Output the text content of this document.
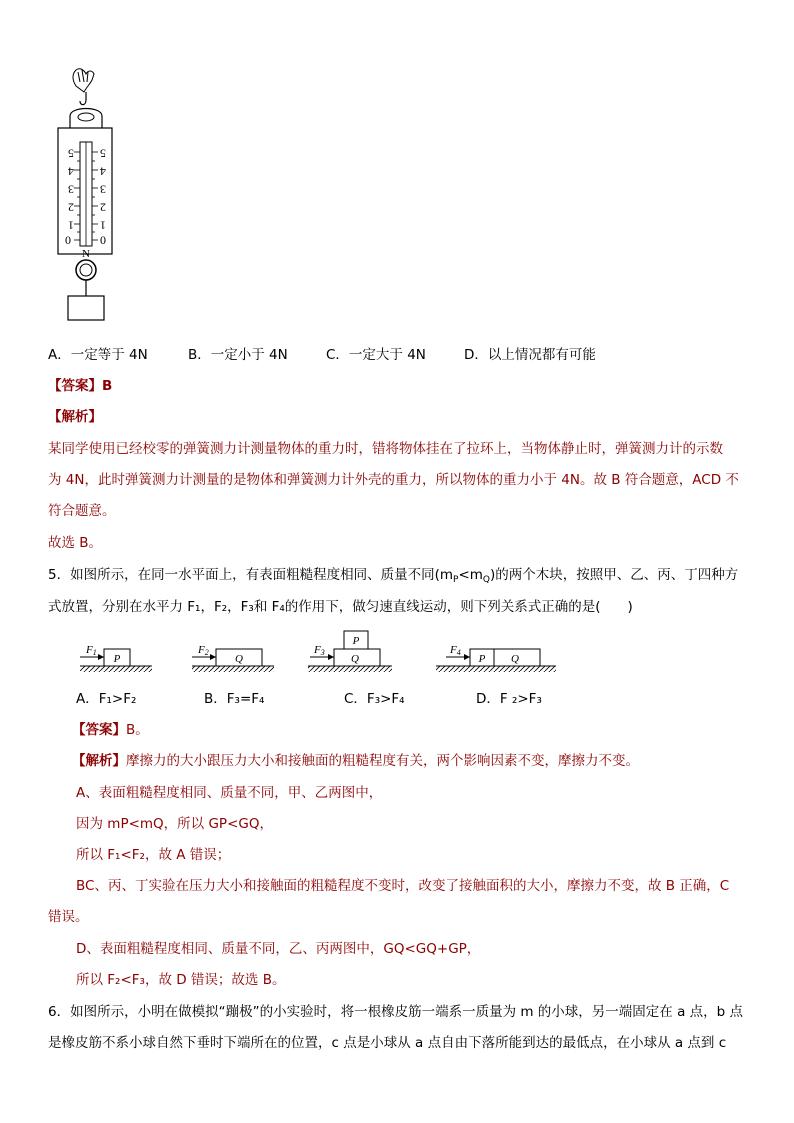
5
4
3
2
1
0
5
4
3
2
1
0
N
A．一定等于 4N	B．一定小于 4N	C．一定大于 4N	D．以上情况都有可能
【答案】B
【解析】
某同学使用已经校零的弹簧测力计测量物体的重力时，错将物体挂在了拉环上，当物体静止时，弹簧测力计的示数
为 4N，此时弹簧测力计测量的是物体和弹簧测力计外壳的重力，所以物体的重力小于 4N。故 B 符合题意，ACD 不
符合题意。
故选 B。
5．如图所示，在同一水平面上，有表面粗糙程度相同、质量不同$(m_P<m_Q)$的两个木块，按照甲、乙、丙、丁四种方
式放置，分别在水平力 F₁，F₂，F₃和 F₄的作用下，做匀速直线运动，则下列关系式正确的是(　　)
P
F1
Q
F2
Q
P
F3
P Q
F4
A．F₁>F₂	B．F₃=F₄	C．F₃>F₄	D．F ₂>F₃
【答案】B。
【解析】摩擦力的大小跟压力大小和接触面的粗糙程度有关，两个影响因素不变，摩擦力不变。
A、表面粗糙程度相同、质量不同，甲、乙两图中，
因为 mP<mQ，所以 GP<GQ，
所以 F₁<F₂，故 A 错误；
BC、丙、丁实验在压力大小和接触面的粗糙程度不变时，改变了接触面积的大小，摩擦力不变，故 B 正确，C
错误。
D、表面粗糙程度相同、质量不同，乙、丙两图中，GQ<GQ+GP，
所以 F₂<F₃，故 D 错误；故选 B。
6．如图所示，小明在做模拟“蹦极”的小实验时，将一根橡皮筋一端系一质量为 m 的小球，另一端固定在 a 点，b 点
是橡皮筋不系小球自然下垂时下端所在的位置，c 点是小球从 a 点自由下落所能到达的最低点，在小球从 a 点到 c
